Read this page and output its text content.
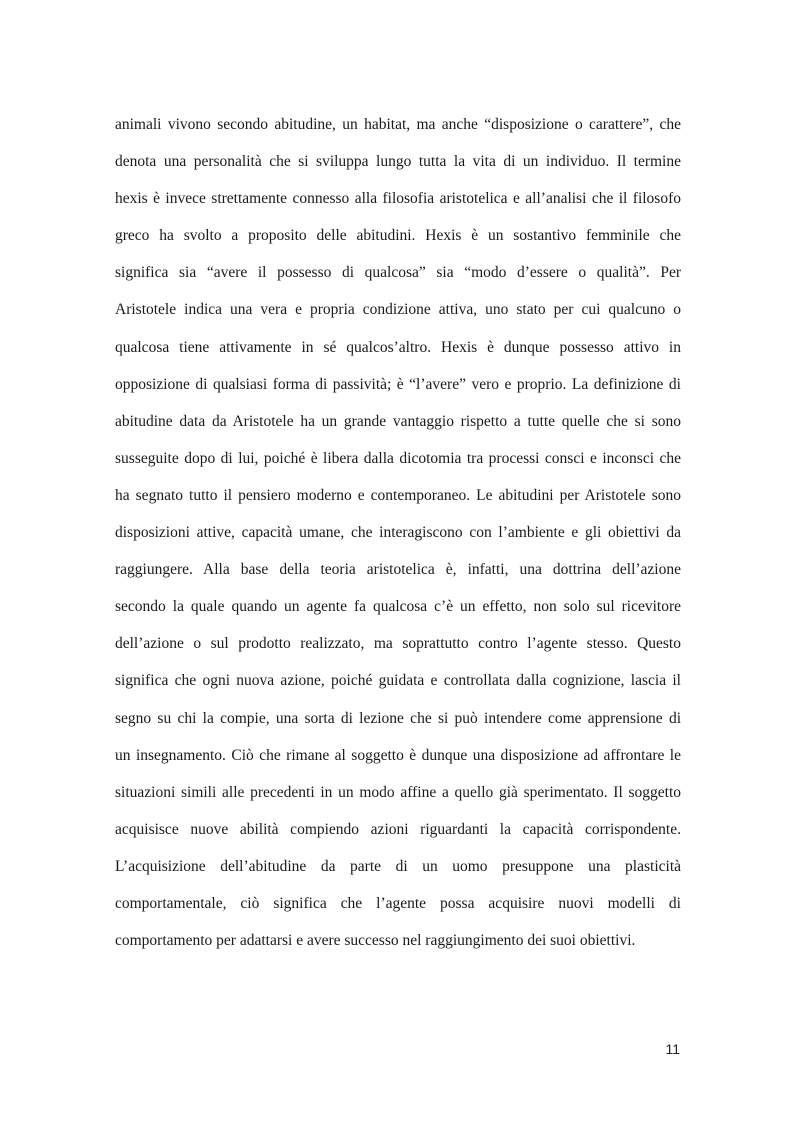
animali vivono secondo abitudine, un habitat, ma anche “disposizione o carattere”, che
denota una personalità che si sviluppa lungo tutta la vita di un individuo. Il termine
hexis è invece strettamente connesso alla filosofia aristotelica e all’analisi che il filosofo
greco ha svolto a proposito delle abitudini. Hexis è un sostantivo femminile che
significa sia “avere il possesso di qualcosa” sia “modo d’essere o qualità”. Per
Aristotele indica una vera e propria condizione attiva, uno stato per cui qualcuno o
qualcosa tiene attivamente in sé qualcos’altro. Hexis è dunque possesso attivo in
opposizione di qualsiasi forma di passività; è “l’avere” vero e proprio. La definizione di
abitudine data da Aristotele ha un grande vantaggio rispetto a tutte quelle che si sono
susseguite dopo di lui, poiché è libera dalla dicotomia tra processi consci e inconsci che
ha segnato tutto il pensiero moderno e contemporaneo. Le abitudini per Aristotele sono
disposizioni attive, capacità umane, che interagiscono con l’ambiente e gli obiettivi da
raggiungere. Alla base della teoria aristotelica è, infatti, una dottrina dell’azione
secondo la quale quando un agente fa qualcosa c’è un effetto, non solo sul ricevitore
dell’azione o sul prodotto realizzato, ma soprattutto contro l’agente stesso. Questo
significa che ogni nuova azione, poiché guidata e controllata dalla cognizione, lascia il
segno su chi la compie, una sorta di lezione che si può intendere come apprensione di
un insegnamento. Ciò che rimane al soggetto è dunque una disposizione ad affrontare le
situazioni simili alle precedenti in un modo affine a quello già sperimentato. Il soggetto
acquisisce nuove abilità compiendo azioni riguardanti la capacità corrispondente.
L’acquisizione dell’abitudine da parte di un uomo presuppone una plasticità
comportamentale, ciò significa che l’agente possa acquisire nuovi modelli di
comportamento per adattarsi e avere successo nel raggiungimento dei suoi obiettivi.
11
